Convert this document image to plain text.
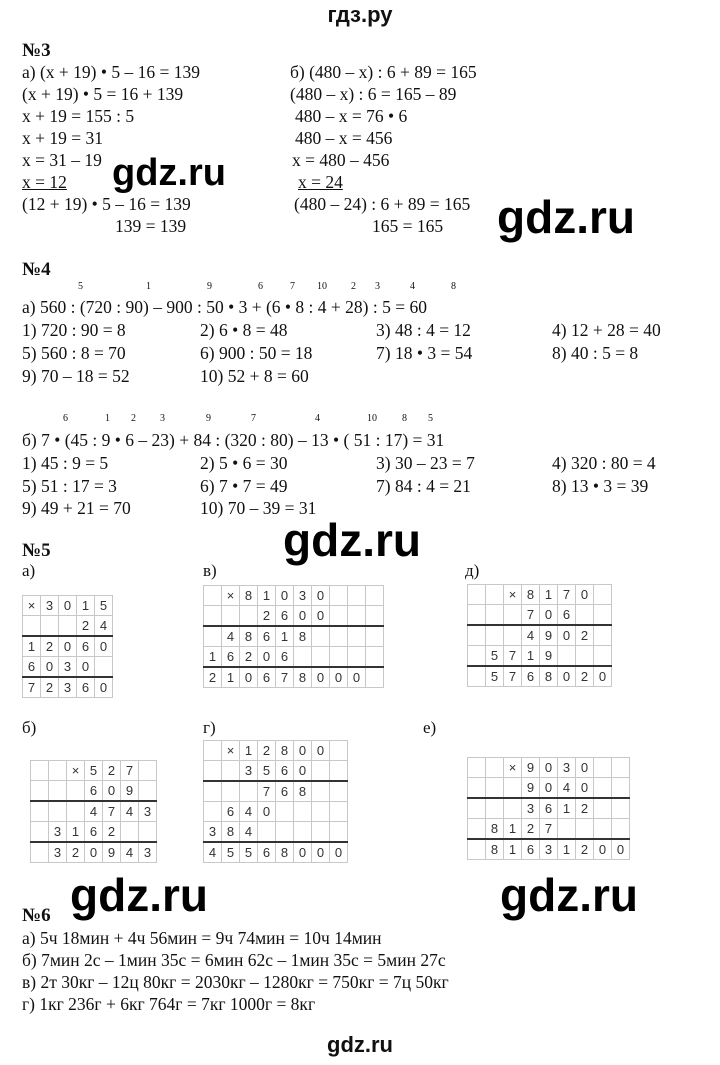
гдз.ру
gdz.ru
gdz.ru
gdz.ru
gdz.ru
gdz.ru	gdz.ru
№3
а) (x + 19) • 5 – 16 = 139
(x + 19) • 5 = 16 + 139
x + 19 = 155 : 5
x + 19 = 31
x = 31 – 19
x = 12
(12 + 19) • 5 – 16 = 139
139 = 139
б) (480 – x) : 6 + 89 = 165
(480 – x) : 6 = 165 – 89
480 – x = 76 • 6
480 – x = 456
x = 480 – 456
x = 24
(480 – 24) : 6 + 89 = 165
165 = 165
№4
5	1	9	6	7 10 2 3	4	8
а) 560 : (720 : 90) – 900 : 50 • 3 + (6 • 8 : 4 + 28) : 5 = 60
1) 720 : 90 = 8	2) 6 • 8 = 48	3) 48 : 4 = 12	4) 12 + 28 = 40
5) 560 : 8 = 70	6) 900 : 50 = 18	7) 18 • 3 = 54	8) 40 : 5 = 8
9) 70 – 18 = 52	10) 52 + 8 = 60
6	1 2 3	9	7	4	10	8 5
б) 7 • (45 : 9 • 6 – 23) + 84 : (320 : 80) – 13 • ( 51 : 17) = 31
1) 45 : 9 = 5	2) 5 • 6 = 30	3) 30 – 23 = 7	4) 320 : 80 = 4
5) 51 : 17 = 3	6) 7 • 7 = 49	7) 84 : 4 = 21	8) 13 • 3 = 39
9) 49 + 21 = 70	10) 70 – 39 = 31
№5
а)	в)	д)
б)	г)	е)
×	3	0	1	5
			2	4
1	2	0	6	0
6	0	3	0	
7	2	3	6	0
	×	8	1	0	3	0			
			2	6	0	0			
	4	8	6	1	8				
1	6	2	0	6					
2	1	0	6	7	8	0	0	0	
		×	8	1	7	0	
			7	0	6		
			4	9	0	2	
	5	7	1	9			
	5	7	6	8	0	2	0
		×	5	2	7	
			6	0	9	
			4	7	4	3
	3	1	6	2		
	3	2	0	9	4	3
	×	1	2	8	0	0	
		3	5	6	0		
			7	6	8		
	6	4	0				
3	8	4					
4	5	5	6	8	0	0	0
		×	9	0	3	0		
			9	0	4	0		
			3	6	1	2		
	8	1	2	7				
	8	1	6	3	1	2	0	0
№6
а) 5ч 18мин + 4ч 56мин = 9ч 74мин = 10ч 14мин
б) 7мин 2с – 1мин 35с = 6мин 62с – 1мин 35с = 5мин 27с
в) 2т 30кг – 12ц 80кг = 2030кг – 1280кг = 750кг = 7ц 50кг
г) 1кг 236г + 6кг 764г = 7кг 1000г = 8кг
